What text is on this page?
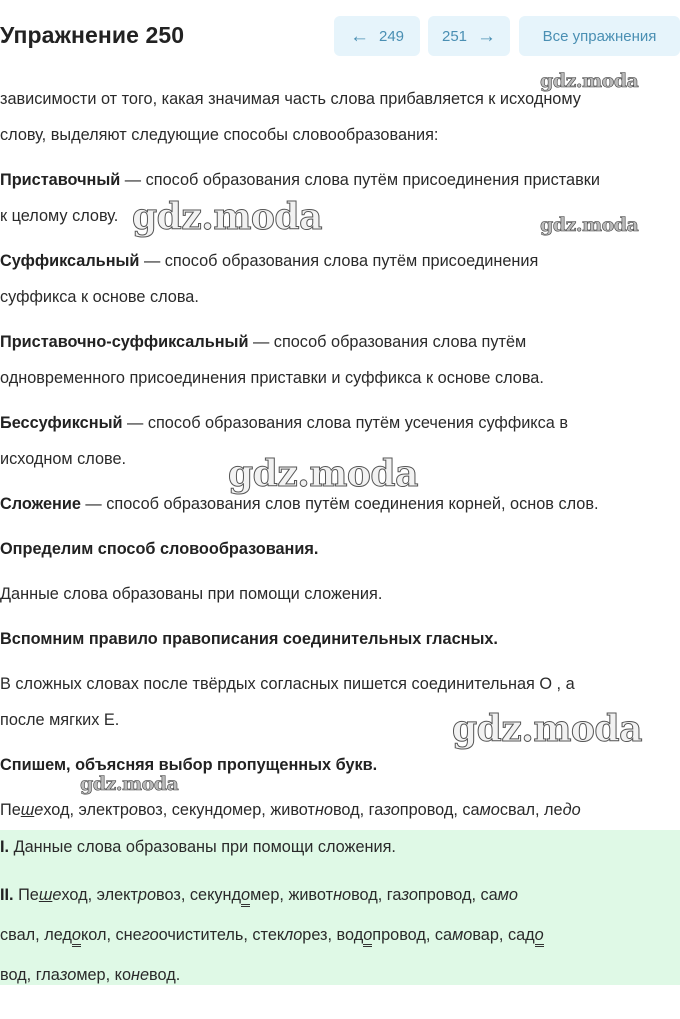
Упражнение 250	← 249	251 →	Все упражнения
зависимости от того, какая значимая часть слова прибавляется к исходному
слову, выделяют следующие способы словообразования:
Приставочный — способ образования слова путём присоединения приставки
к целому слову.
Суффиксальный — способ образования слова путём присоединения
суффикса к основе слова.
Приставочно-суффиксальный — способ образования слова путём
одновременного присоединения приставки и суффикса к основе слова.
Бессуфиксный — способ образования слова путём усечения суффикса в
исходном слове.
Сложение — способ образования слов путём соединения корней, основ слов.
Определим способ словообразования.
Данные слова образованы при помощи сложения.
Вспомним правило правописания соединительных гласных.
В сложных словах после твёрдых согласных пишется соединительная О , а
после мягких Е.
Спишем, объясняя выбор пропущенных букв.
Пешеход, электровоз, секундомер, животновод, газопровод, самосвал, ледо
I. Данные слова образованы при помощи сложения.
II. Пешеход, электровоз, секундомер, животновод, газопровод, само
свал, ледокол, снегоочиститель, стеклорез, водопровод, самовар, садо
вод, глазомер, коневод.
gdz.moda
gdz.moda	gdz.moda
gdz.moda
gdz.moda
gdz.moda
